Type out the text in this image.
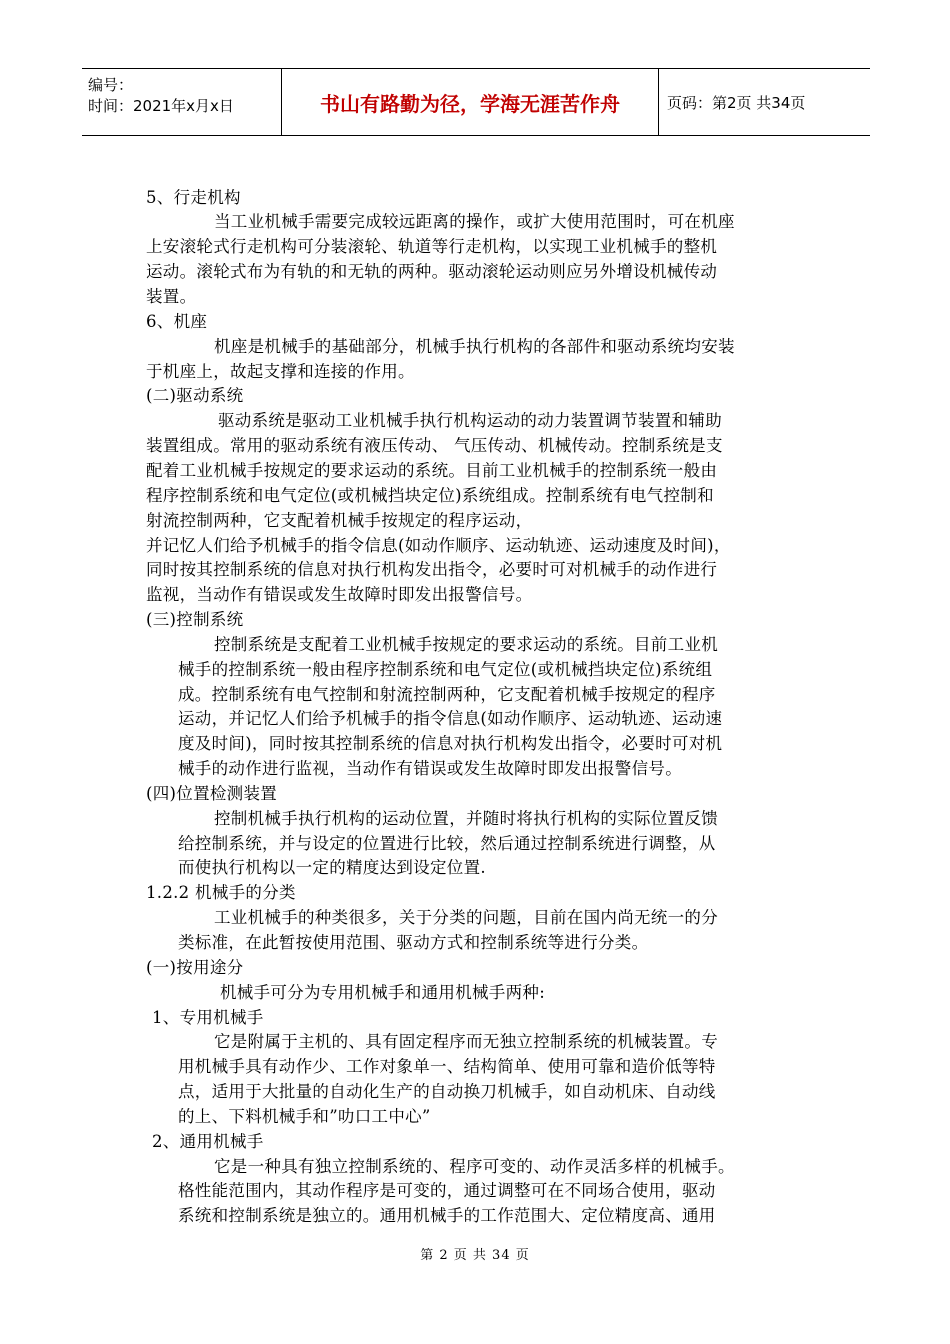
编号：
时间：2021年x月x日	书山有路勤为径，学海无涯苦作舟	页码：第2页 共34页
5、行走机构
当工业机械手需要完成较远距离的操作，或扩大使用范围时，可在机座
上安滚轮式行走机构可分装滚轮、轨道等行走机构，以实现工业机械手的整机
运动。滚轮式布为有轨的和无轨的两种。驱动滚轮运动则应另外增设机械传动
装置。
6、机座
机座是机械手的基础部分，机械手执行机构的各部件和驱动系统均安装
于机座上，故起支撑和连接的作用。
(二)驱动系统
驱动系统是驱动工业机械手执行机构运动的动力装置调节装置和辅助
装置组成。常用的驱动系统有液压传动、 气压传动、机械传动。控制系统是支
配着工业机械手按规定的要求运动的系统。目前工业机械手的控制系统一般由
程序控制系统和电气定位(或机械挡块定位)系统组成。控制系统有电气控制和
射流控制两种，它支配着机械手按规定的程序运动，
并记忆人们给予机械手的指令信息(如动作顺序、运动轨迹、运动速度及时间)，
同时按其控制系统的信息对执行机构发出指令，必要时可对机械手的动作进行
监视，当动作有错误或发生故障时即发出报警信号。
(三)控制系统
控制系统是支配着工业机械手按规定的要求运动的系统。目前工业机
械手的控制系统一般由程序控制系统和电气定位(或机械挡块定位)系统组
成。控制系统有电气控制和射流控制两种，它支配着机械手按规定的程序
运动，并记忆人们给予机械手的指令信息(如动作顺序、运动轨迹、运动速
度及时间)，同时按其控制系统的信息对执行机构发出指令，必要时可对机
械手的动作进行监视，当动作有错误或发生故障时即发出报警信号。
(四)位置检测装置
控制机械手执行机构的运动位置，并随时将执行机构的实际位置反馈
给控制系统，并与设定的位置进行比较，然后通过控制系统进行调整，从
而使执行机构以一定的精度达到设定位置.
1.2.2 机械手的分类
工业机械手的种类很多，关于分类的问题，目前在国内尚无统一的分
类标准，在此暂按使用范围、驱动方式和控制系统等进行分类。
(一)按用途分
机械手可分为专用机械手和通用机械手两种:
1、专用机械手
它是附属于主机的、具有固定程序而无独立控制系统的机械装置。专
用机械手具有动作少、工作对象单一、结构简单、使用可靠和造价低等特
点，适用于大批量的自动化生产的自动换刀机械手，如自动机床、自动线
的上、下料机械手和”叻口工中心”
2、通用机械手
它是一种具有独立控制系统的、程序可变的、动作灵活多样的机械手。
格性能范围内，其动作程序是可变的，通过调整可在不同场合使用，驱动
系统和控制系统是独立的。通用机械手的工作范围大、定位精度高、通用
第 2 页 共 34 页
